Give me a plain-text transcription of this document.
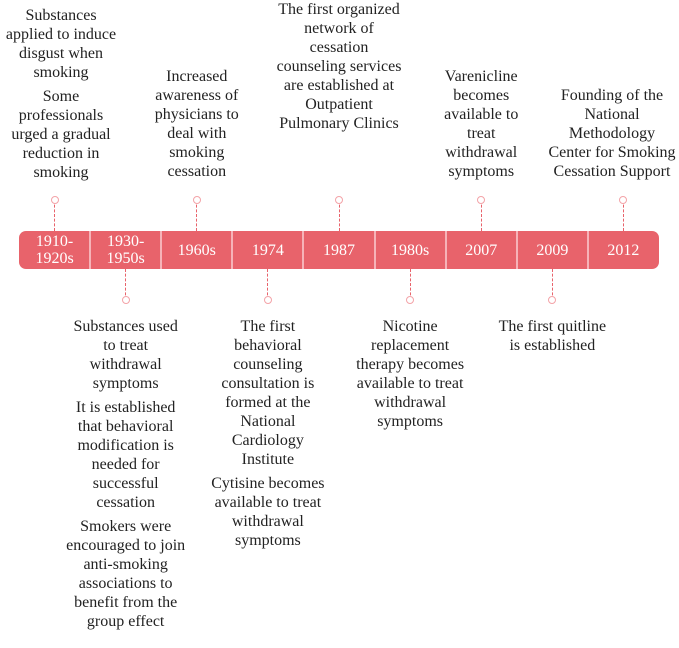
1910-
1920s
1930-
1950s	1960s	1974	1987	1980s	2007	2009	2012

Substances applied to induce disgust when smoking

Some professionals urged a gradual reduction in smoking

Substances used to treat withdrawal symptoms

It is established that behavioral modification is needed for successful cessation

Smokers were encouraged to join anti-smoking associations to benefit from the group effect

Increased awareness of physicians to deal with smoking cessation

The first behavioral counseling consultation is formed at the National Cardiology Institute

Cytisine becomes available to treat withdrawal symptoms

The first organized network of cessation counseling services are established at Outpatient Pulmonary Clinics

Nicotine replacement therapy becomes available to treat withdrawal symptoms

Varenicline becomes available to treat withdrawal symptoms

The first quitline is established

Founding of the National Methodology Center for Smoking Cessation Support
